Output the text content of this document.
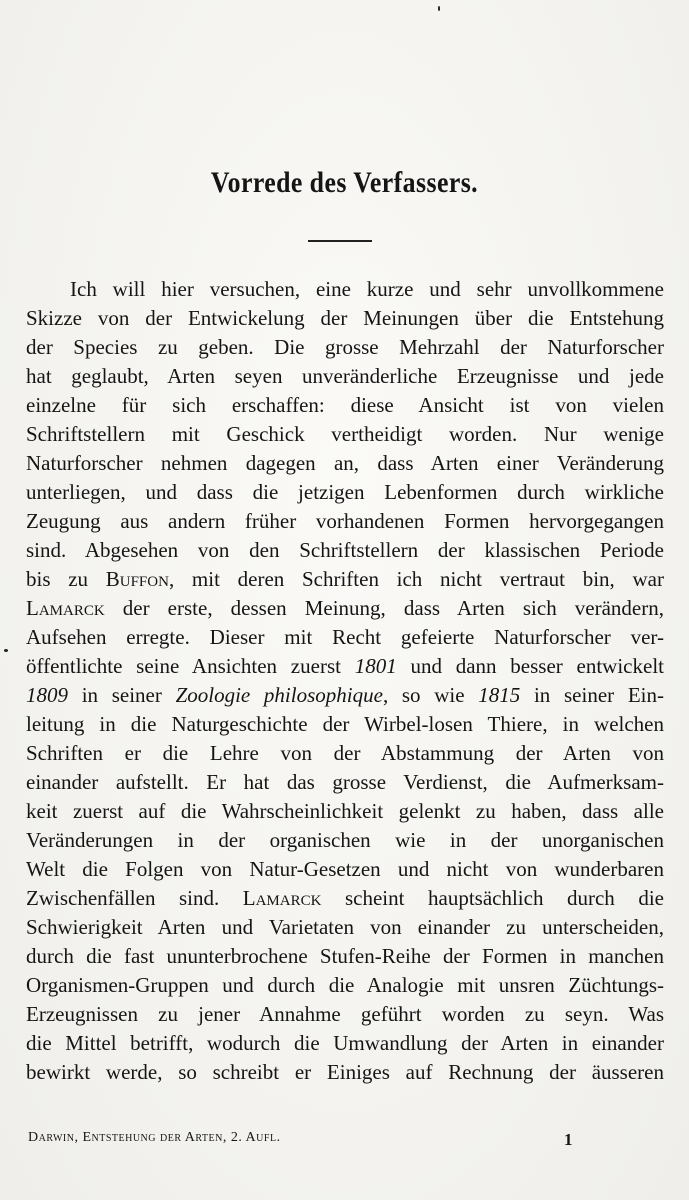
Vorrede des Verfassers.
Ich will hier versuchen, eine kurze und sehr unvollkommene
Skizze von der Entwickelung der Meinungen über die Entstehung
der Species zu geben. Die grosse Mehrzahl der Naturforscher
hat geglaubt, Arten seyen unveränderliche Erzeugnisse und jede
einzelne für sich erschaffen: diese Ansicht ist von vielen
Schriftstellern mit Geschick vertheidigt worden. Nur wenige
Naturforscher nehmen dagegen an, dass Arten einer Veränderung
unterliegen, und dass die jetzigen Lebenformen durch wirkliche
Zeugung aus andern früher vorhandenen Formen hervorgegangen
sind. Abgesehen von den Schriftstellern der klassischen Periode
bis zu Buffon, mit deren Schriften ich nicht vertraut bin, war
Lamarck der erste, dessen Meinung, dass Arten sich verändern,
Aufsehen erregte. Dieser mit Recht gefeierte Naturforscher ver-
öffentlichte seine Ansichten zuerst 1801 und dann besser entwickelt
1809 in seiner Zoologie philosophique, so wie 1815 in seiner Ein-
leitung in die Naturgeschichte der Wirbel-losen Thiere, in welchen
Schriften er die Lehre von der Abstammung der Arten von
einander aufstellt. Er hat das grosse Verdienst, die Aufmerksam-
keit zuerst auf die Wahrscheinlichkeit gelenkt zu haben, dass alle
Veränderungen in der organischen wie in der unorganischen
Welt die Folgen von Natur-Gesetzen und nicht von wunderbaren
Zwischenfällen sind. Lamarck scheint hauptsächlich durch die
Schwierigkeit Arten und Varietaten von einander zu unterscheiden,
durch die fast ununterbrochene Stufen-Reihe der Formen in manchen
Organismen-Gruppen und durch die Analogie mit unsren Züchtungs-
Erzeugnissen zu jener Annahme geführt worden zu seyn. Was
die Mittel betrifft, wodurch die Umwandlung der Arten in einander
bewirkt werde, so schreibt er Einiges auf Rechnung der äusseren
Darwin, Entstehung der Arten, 2. Aufl.	1
